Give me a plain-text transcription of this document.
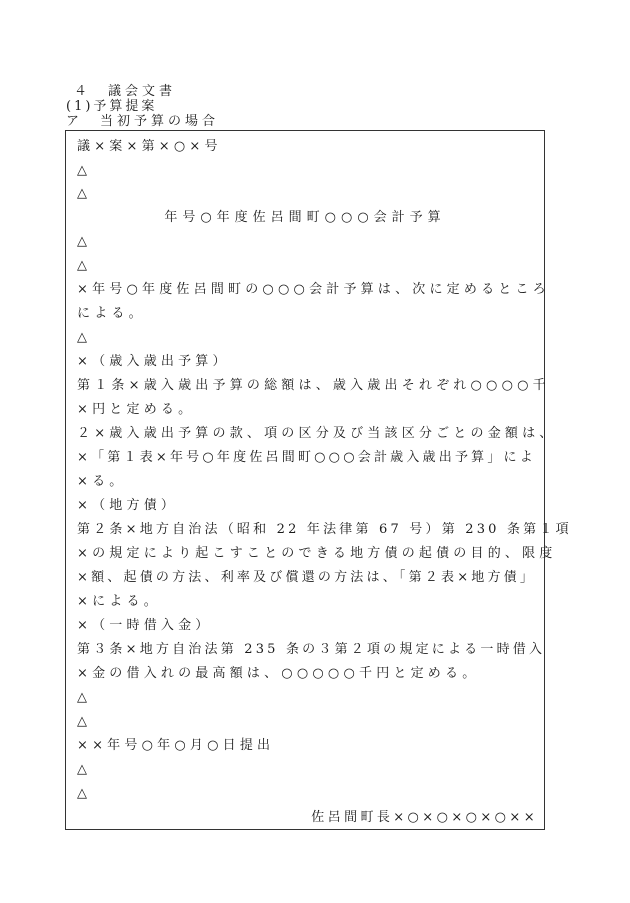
４　議会文書
(1)予算提案
ア　当初予算の場合
議×案×第×○×号
△
△
年号○年度佐呂間町○○○会計予算
△
△
×年号○年度佐呂間町の○○○会計予算は、次に定めるところ
による。
△
×（歳入歳出予算）
第１条×歳入歳出予算の総額は、歳入歳出それぞれ○○○○千
×円と定める。
２×歳入歳出予算の款、項の区分及び当該区分ごとの金額は、
×「第１表×年号○年度佐呂間町○○○会計歳入歳出予算」によ
×る。
×（地方債）
第２条×地方自治法（昭和 22 年法律第 67 号）第 230 条第１項
×の規定により起こすことのできる地方債の起債の目的、限度
×額、起債の方法、利率及び償還の方法は、「第２表×地方債」
×による。
×（一時借入金）
第３条×地方自治法第 235 条の３第２項の規定による一時借入
×金の借入れの最高額は、○○○○○千円と定める。
△
△
××年号○年○月○日提出
△
△
佐呂間町長×○×○×○×○××
